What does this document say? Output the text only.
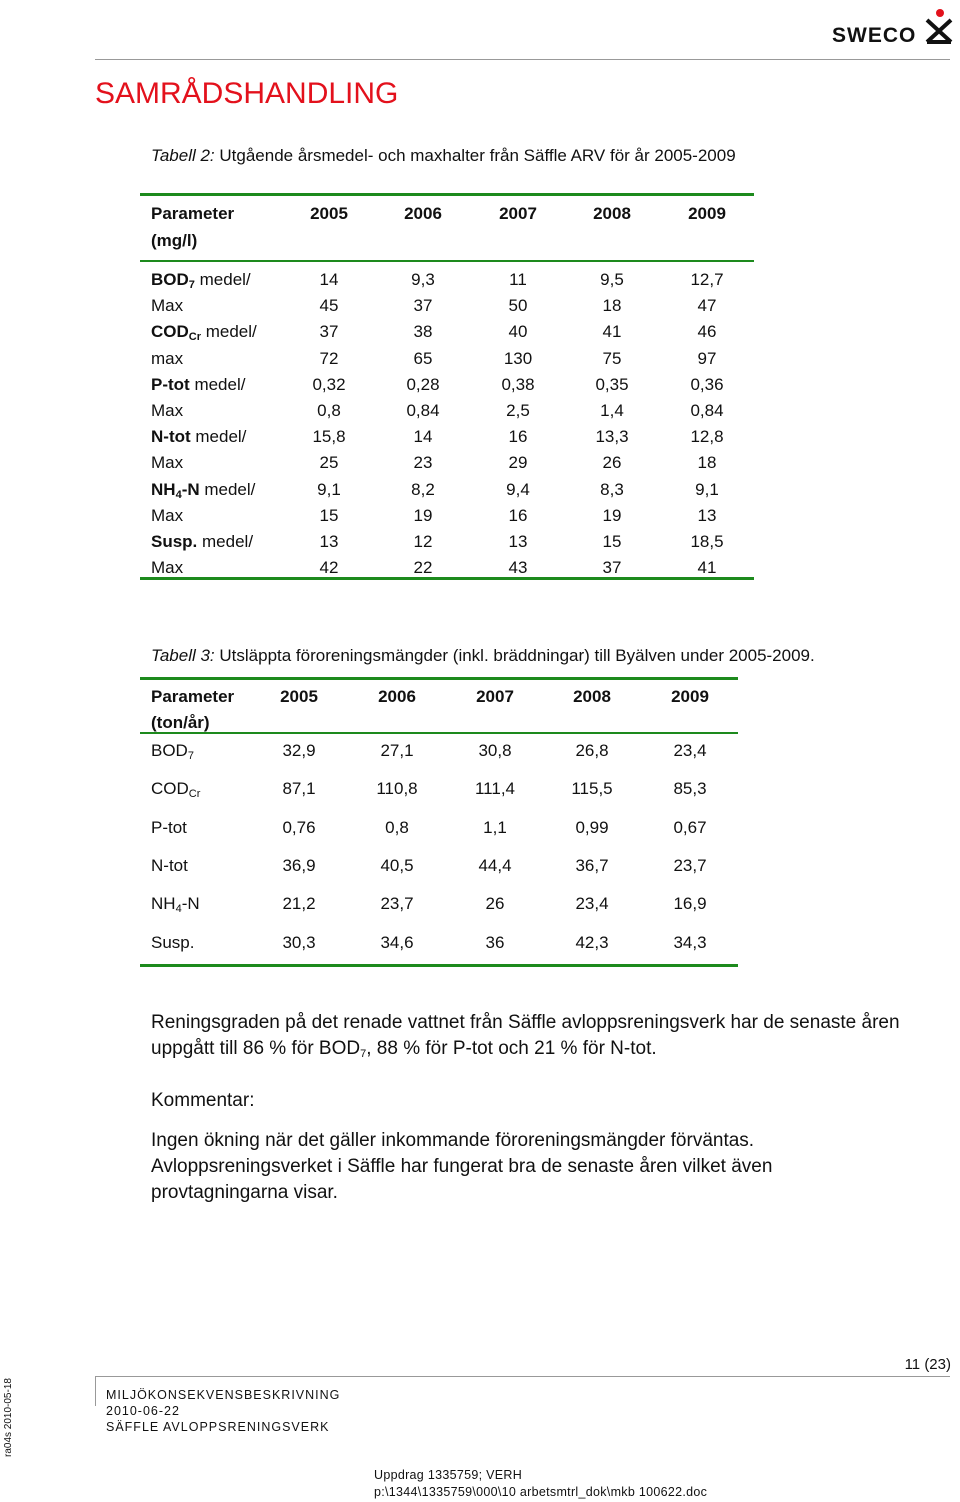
SWECO
SAMRÅDSHANDLING
Tabell 2: Utgående årsmedel- och maxhalter från Säffle ARV för år 2005-2009
Parameter
(mg/l)
2005	2006	2007	2008	2009
$BOD_7$ medel/	14	9,3	11	9,5	12,7
Max	45	37	50	18	47
$COD_{Cr}$ medel/	37	38	40	41	46
max	72	65	130	75	97
P-tot medel/	0,32	0,28	0,38	0,35	0,36
Max	0,8	0,84	2,5	1,4	0,84
N-tot medel/	15,8	14	16	13,3	12,8
Max	25	23	29	26	18
$NH_4-N$ medel/	9,1	8,2	9,4	8,3	9,1
Max	15	19	16	19	13
Susp. medel/	13	12	13	15	18,5
Max	42	22	43	37	41
Tabell 3: Utsläppta föroreningsmängder (inkl. bräddningar) till Byälven under 2005-2009.
Parameter
(ton/år)
2005	2006	2007	2008	2009
$BOD_7$	32,9	27,1	30,8	26,8	23,4
$COD_{Cr}$	87,1	110,8	111,4	115,5	85,3
P-tot	0,76	0,8	1,1	0,99	0,67
N-tot	36,9	40,5	44,4	36,7	23,7
$NH_4-N$	21,2	23,7	26	23,4	16,9
Susp.	30,3	34,6	36	42,3	34,3
Reningsgraden på det renade vattnet från Säffle avloppsreningsverk har de senaste åren
uppgått till 86 % för $BOD_7$, 88 % för P-tot och 21 % för N-tot.
Kommentar:
Ingen ökning när det gäller inkommande föroreningsmängder förväntas.
Avloppsreningsverket i Säffle har fungerat bra de senaste åren vilket även
provtagningarna visar.
11 (23)
MILJÖKONSEKVENSBESKRIVNING
2010-06-22
SÄFFLE AVLOPPSRENINGSVERK
Uppdrag 1335759; VERH
p:\1344\1335759\000\10 arbetsmtrl_dok\mkb 100622.doc
ra04s 2010-05-18
